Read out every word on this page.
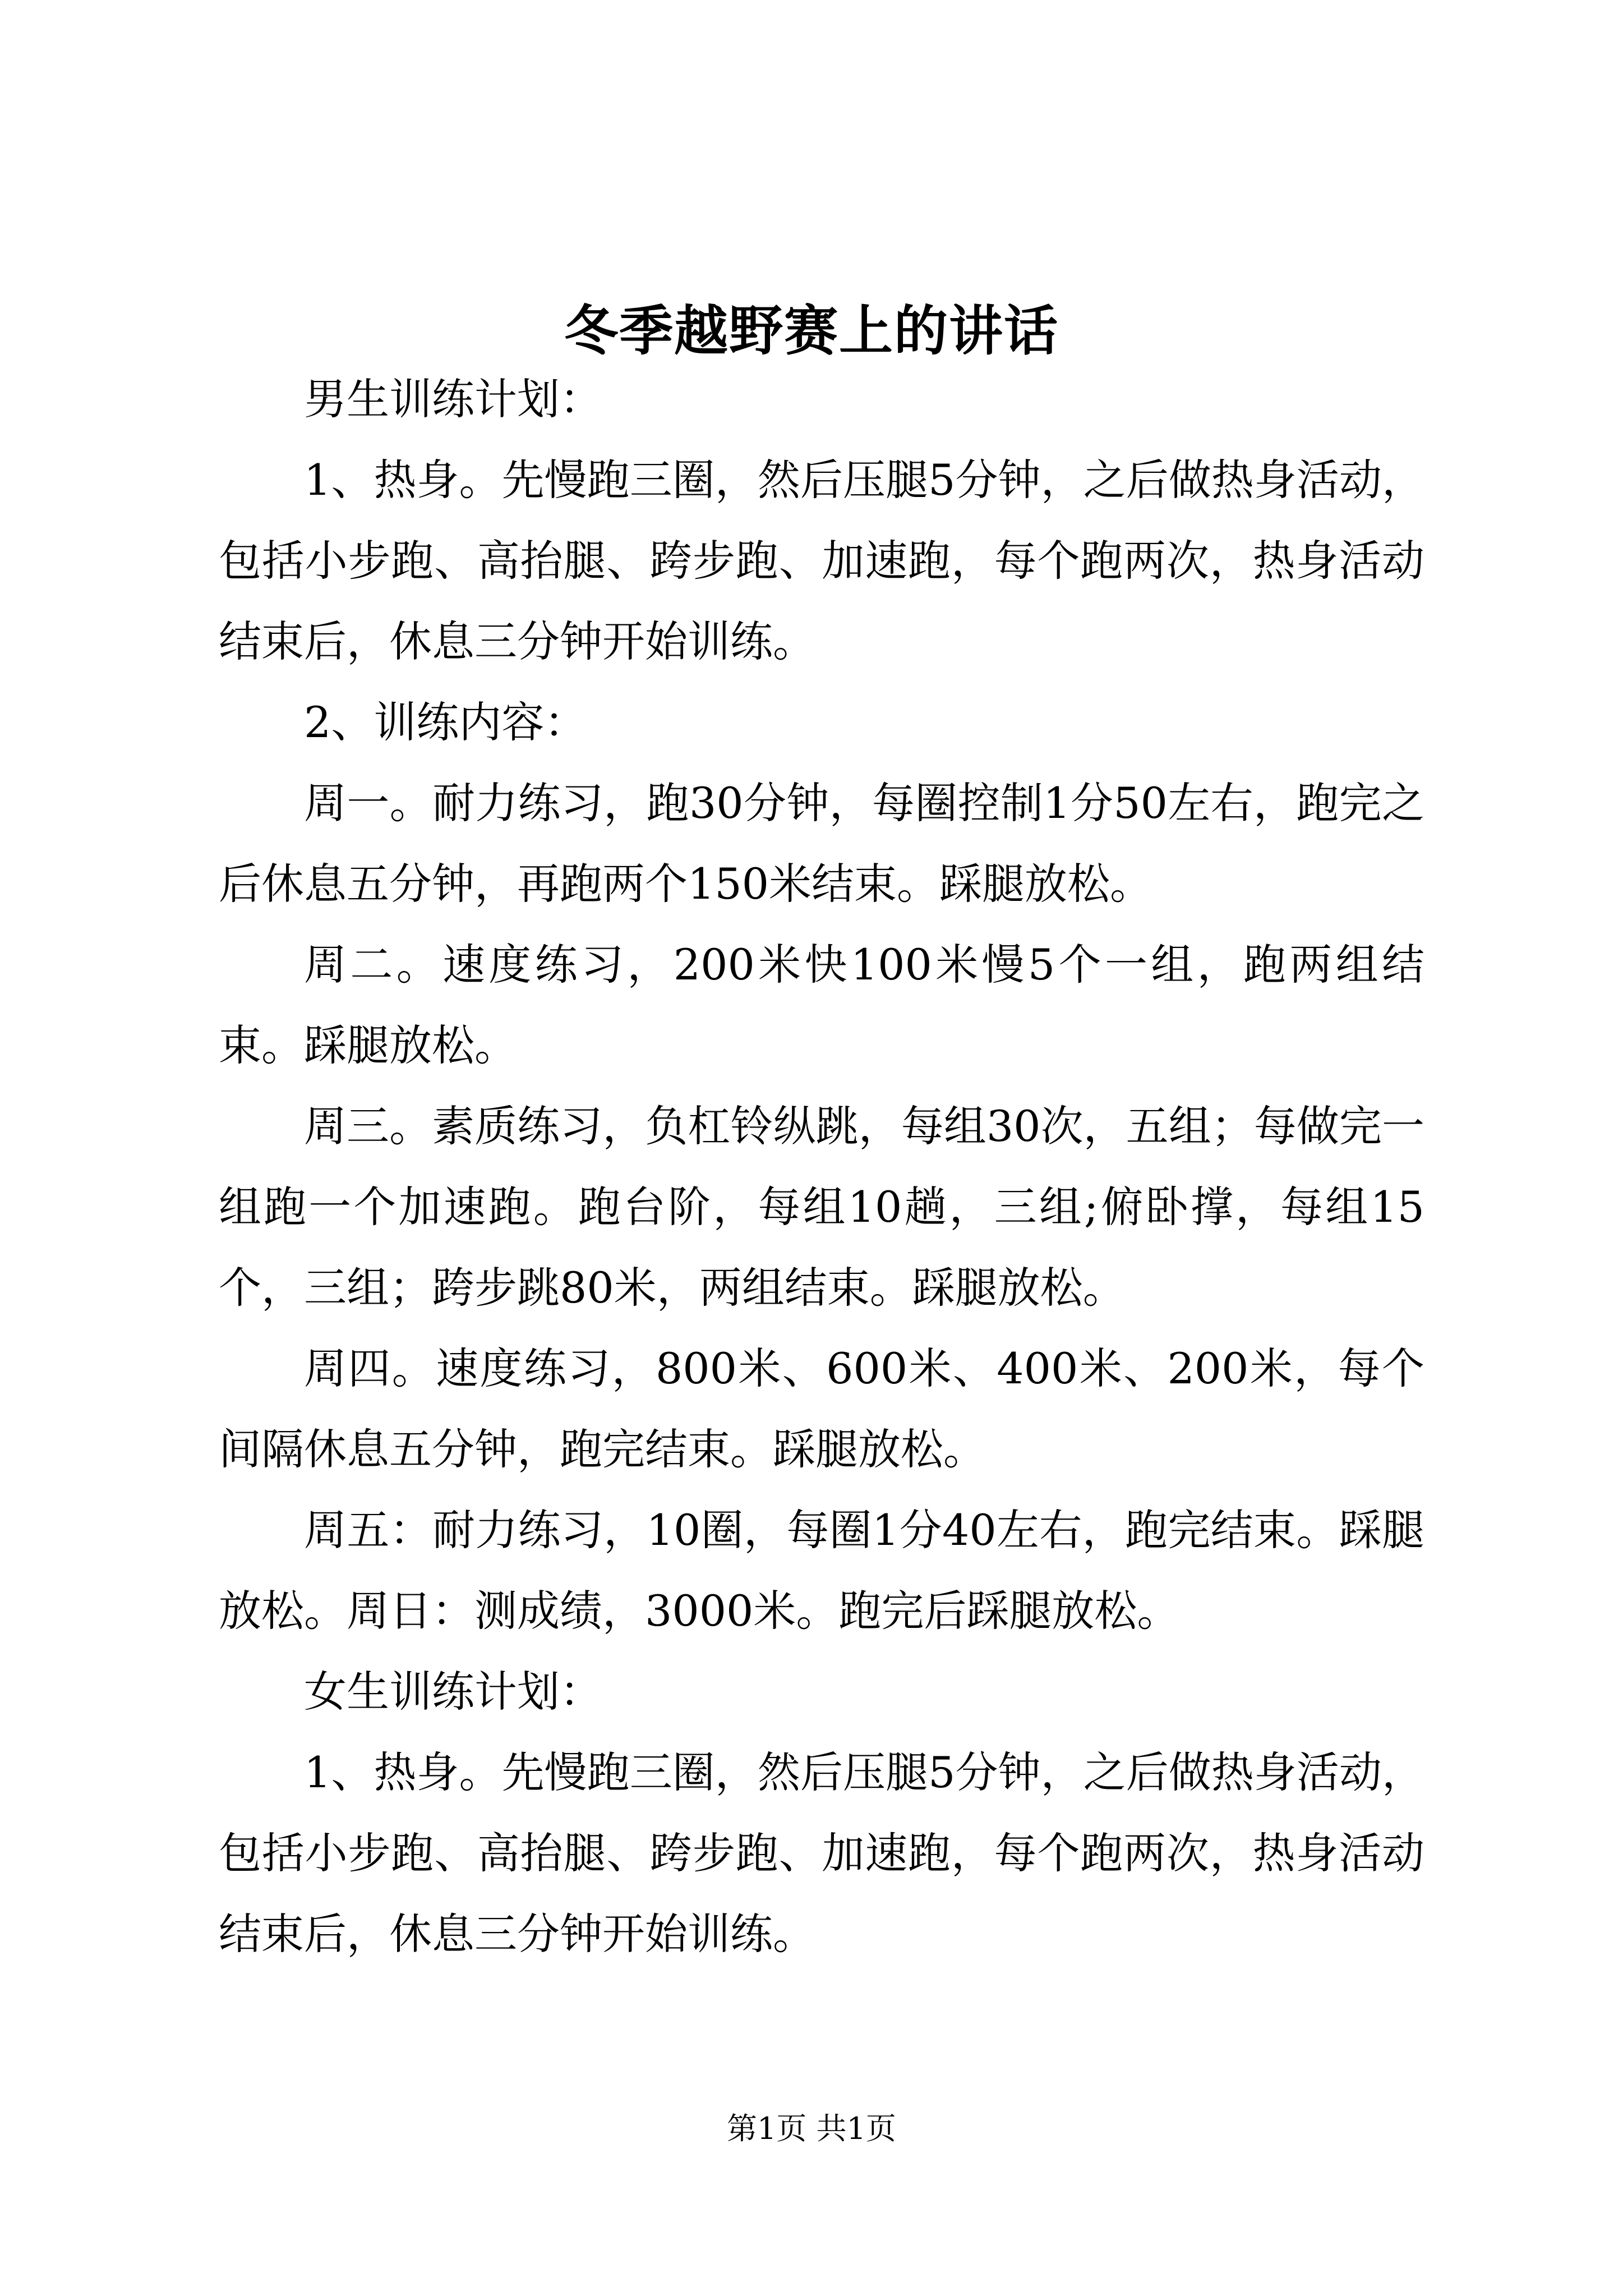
冬季越野赛上的讲话

男生训练计划：

1、热身。先慢跑三圈，然后压腿5分钟，之后做热身活动，包括小步跑、高抬腿、跨步跑、加速跑，每个跑两次，热身活动结束后，休息三分钟开始训练。

2、训练内容：

周一。耐力练习，跑30分钟，每圈控制1分50左右，跑完之后休息五分钟，再跑两个150米结束。踩腿放松。

周二。速度练习，200米快100米慢5个一组，跑两组结束。踩腿放松。

周三。素质练习，负杠铃纵跳，每组30次，五组；每做完一组跑一个加速跑。跑台阶，每组10趟，三组;俯卧撑，每组15个，三组；跨步跳80米，两组结束。踩腿放松。

周四。速度练习，800米、600米、400米、200米，每个间隔休息五分钟，跑完结束。踩腿放松。

周五：耐力练习，10圈，每圈1分40左右，跑完结束。踩腿放松。周日：测成绩，3000米。跑完后踩腿放松。

女生训练计划：

1、热身。先慢跑三圈，然后压腿5分钟，之后做热身活动，包括小步跑、高抬腿、跨步跑、加速跑，每个跑两次，热身活动结束后，休息三分钟开始训练。

第1页 共1页
